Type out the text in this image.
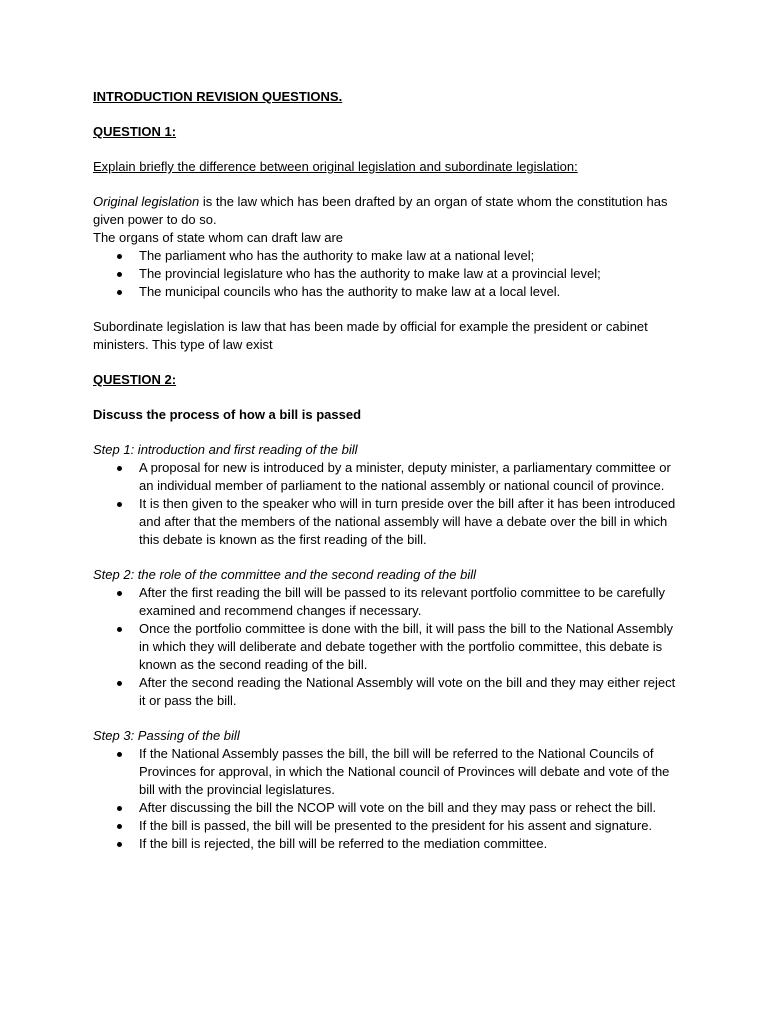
INTRODUCTION REVISION QUESTIONS.

QUESTION 1:

Explain briefly the difference between original legislation and subordinate legislation:

Original legislation is the law which has been drafted by an organ of state whom the constitution has given power to do so.

The organs of state whom can draft law are

The parliament who has the authority to make law at a national level;
The provincial legislature who has the authority to make law at a provincial level;
The municipal councils who has the authority to make law at a local level.

Subordinate legislation is law that has been made by official for example the president or cabinet ministers. This type of law exist

QUESTION 2:

Discuss the process of how a bill is passed

Step 1: introduction and first reading of the bill

A proposal for new is introduced by a minister, deputy minister, a parliamentary committee or an individual member of parliament to the national assembly or national council of province.
It is then given to the speaker who will in turn preside over the bill after it has been introduced and after that the members of the national assembly will have a debate over the bill in which this debate is known as the first reading of the bill.

Step 2: the role of the committee and the second reading of the bill

After the first reading the bill will be passed to its relevant portfolio committee to be carefully examined and recommend changes if necessary.
Once the portfolio committee is done with the bill, it will pass the bill to the National Assembly in which they will deliberate and debate together with the portfolio committee, this debate is known as the second reading of the bill.
After the second reading the National Assembly will vote on the bill and they may either reject it or pass the bill.

Step 3: Passing of the bill

If the National Assembly passes the bill, the bill will be referred to the National Councils of Provinces for approval, in which the National council of Provinces will debate and vote of the bill with the provincial legislatures.
After discussing the bill the NCOP will vote on the bill and they may pass or rehect the bill.
If the bill is passed, the bill will be presented to the president for his assent and signature.
If the bill is rejected, the bill will be referred to the mediation committee.
